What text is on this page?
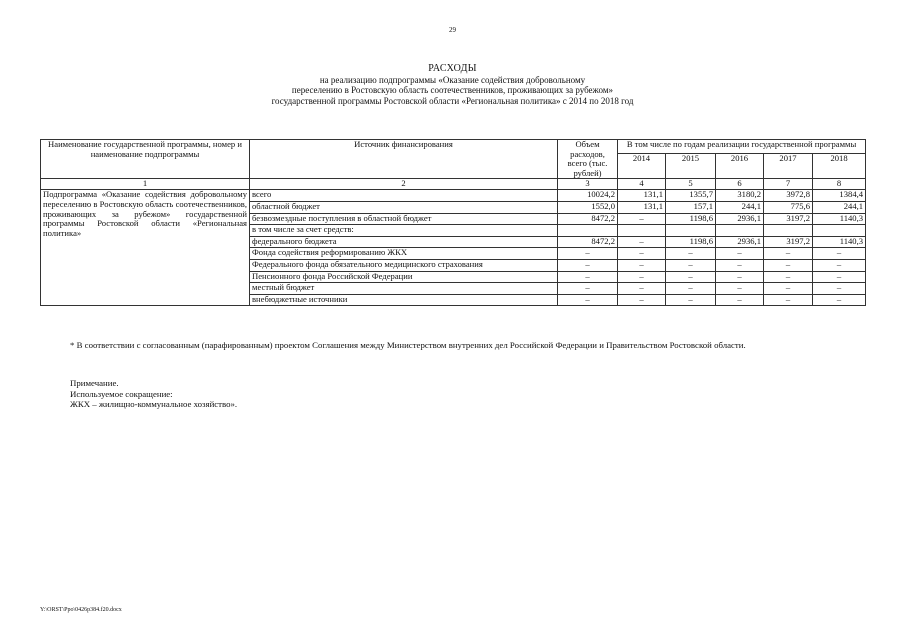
29
РАСХОДЫ
на реализацию подпрограммы «Оказание содействия добровольному
переселению в Ростовскую область соотечественников, проживающих за рубежом»
государственной программы Ростовской области «Региональная политика» с 2014 по 2018 год
Наименование государственной программы, номер и наименование подпрограммы	Источник финансирования	Объем расходов, всего (тыс. рублей)	В том числе по годам реализации государственной программы				
			2014	2015	2016	2017	2018
1	2	3	4	5	6	7	8
Подпрограмма «Оказание содействия добровольному переселению в Ростовскую область соотечественников, проживающих за рубежом» государственной программы Ростовской области «Региональная политика»	всего	10024,2	131,1	1355,7	3180,2	3972,8	1384,4
	областной бюджет	1552,0	131,1	157,1	244,1	775,6	244,1
	безвозмездные поступления в областной бюджет	8472,2	–	1198,6	2936,1	3197,2	1140,3
	в том числе за счет средств:						
	федерального бюджета	8472,2	–	1198,6	2936,1	3197,2	1140,3
	Фонда содействия реформированию ЖКХ	–	–	–	–	–	–
	Федерального фонда обязательного медицинского страхования	–	–	–	–	–	–
	Пенсионного фонда Российской Федерации	–	–	–	–	–	–
	местный бюджет	–	–	–	–	–	–
	внебюджетные источники	–	–	–	–	–	–
* В соответствии с согласованным (парафированным) проектом Соглашения между Министерством внутренних дел Российской Федерации и Правительством Ростовской области.
Примечание.
Используемое сокращение:
ЖКХ – жилищно-коммунальное хозяйство».
Y:\ORST\Ppo\0426p384.f20.docx
